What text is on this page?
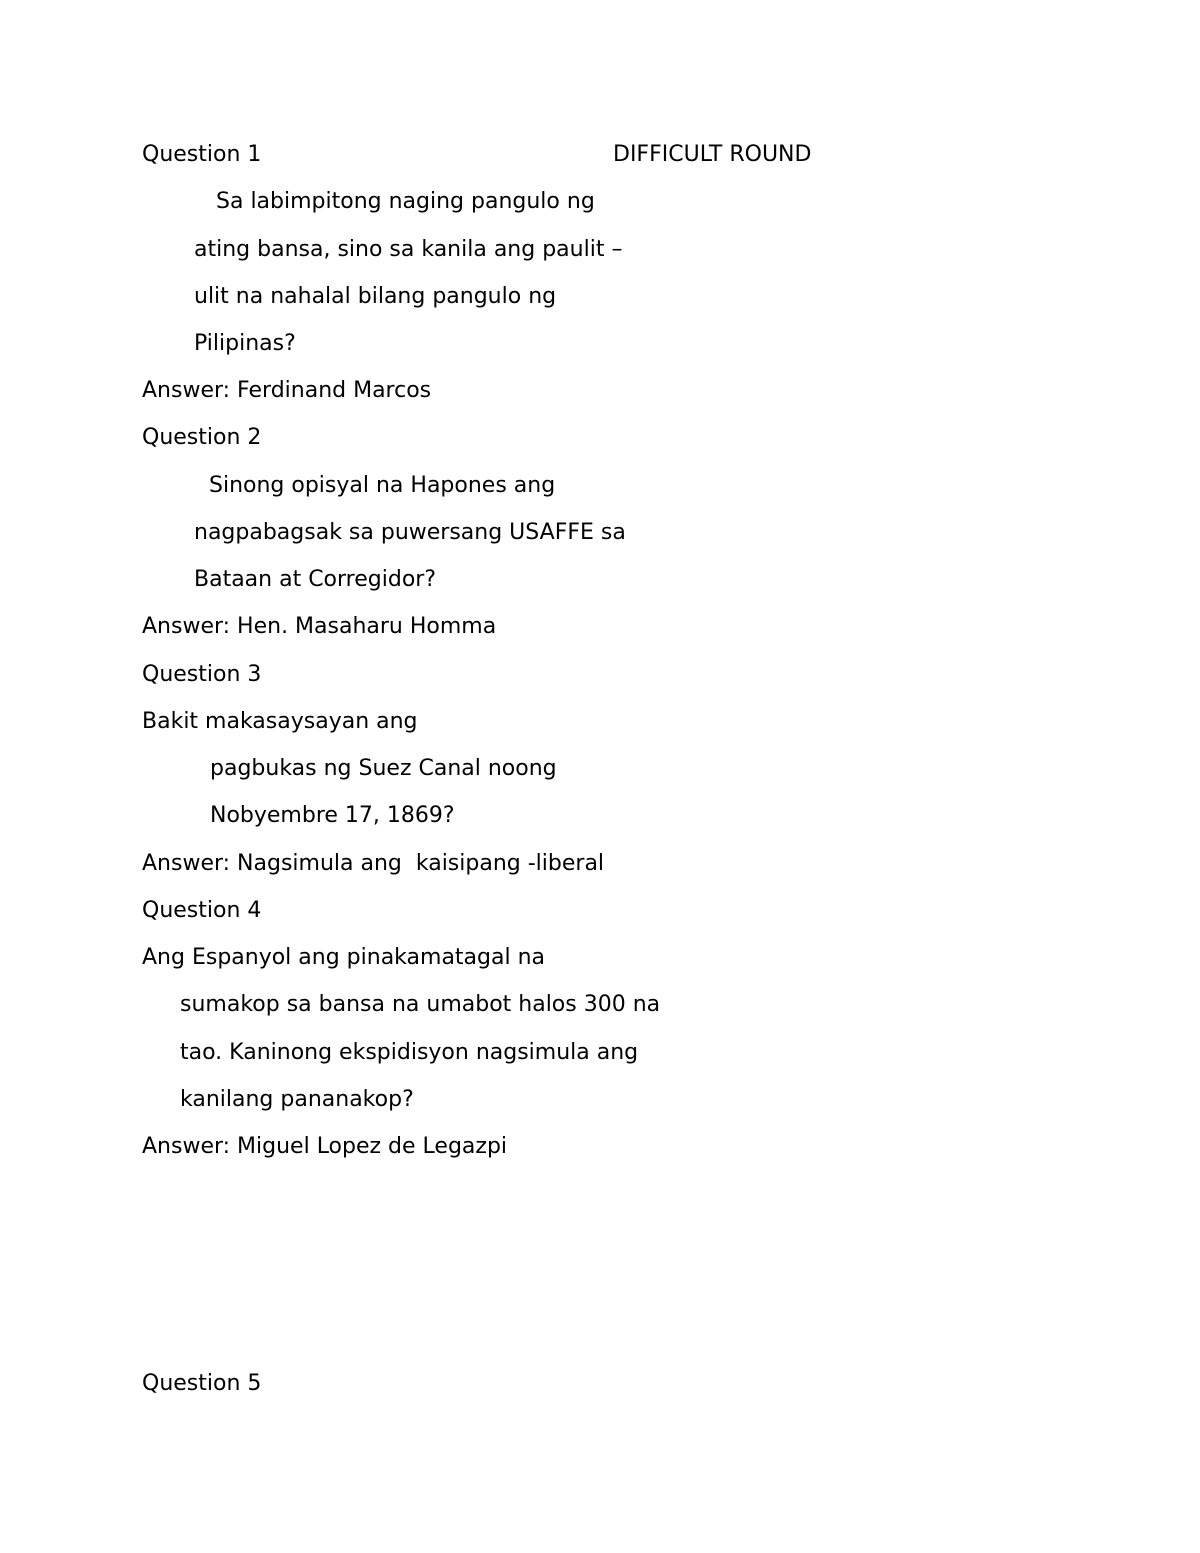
Question 1	DIFFICULT ROUND
Sa labimpitong naging pangulo ng
ating bansa, sino sa kanila ang paulit –
ulit na nahalal bilang pangulo ng
Pilipinas?
Answer: Ferdinand Marcos
Question 2
Sinong opisyal na Hapones ang
nagpabagsak sa puwersang USAFFE sa
Bataan at Corregidor?
Answer: Hen. Masaharu Homma
Question 3
Bakit makasaysayan ang
pagbukas ng Suez Canal noong
Nobyembre 17, 1869?
Answer: Nagsimula ang  kaisipang -liberal
Question 4
Ang Espanyol ang pinakamatagal na
sumakop sa bansa na umabot halos 300 na
tao. Kaninong ekspidisyon nagsimula ang
kanilang pananakop?
Answer: Miguel Lopez de Legazpi
Question 5
